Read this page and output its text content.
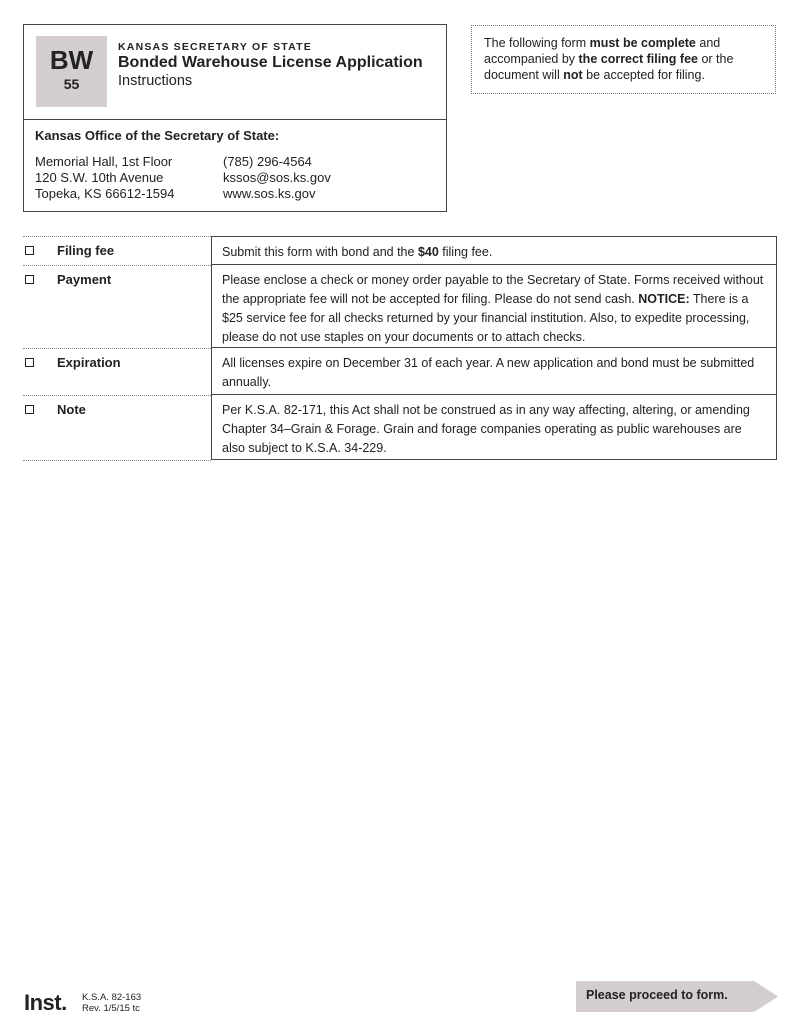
BW
55
KANSAS SECRETARY OF STATE
Bonded Warehouse License Application
Instructions
Kansas Office of the Secretary of State:
Memorial Hall, 1st Floor
120 S.W. 10th Avenue
Topeka, KS 66612-1594
(785) 296-4564
kssos@sos.ks.gov
www.sos.ks.gov
The following form must be complete and accompanied by the correct filing fee or the document will not be accepted for filing.
Filing fee	Submit this form with bond and the $40 filing fee.
Payment	Please enclose a check or money order payable to the Secretary of State. Forms received without the appropriate fee will not be accepted for filing. Please do not send cash. NOTICE: There is a $25 service fee for all checks returned by your financial institution. Also, to expedite processing, please do not use staples on your documents or to attach checks.
Expiration	All licenses expire on December 31 of each year. A new application and bond must be submitted annually.
Note	Per K.S.A. 82-171, this Act shall not be construed as in any way affecting, altering, or amending Chapter 34–Grain & Forage. Grain and forage companies operating as public warehouses are also subject to K.S.A. 34-229.
Inst. K.S.A. 82-163
Rev. 1/5/15 tc
Please proceed to form.
